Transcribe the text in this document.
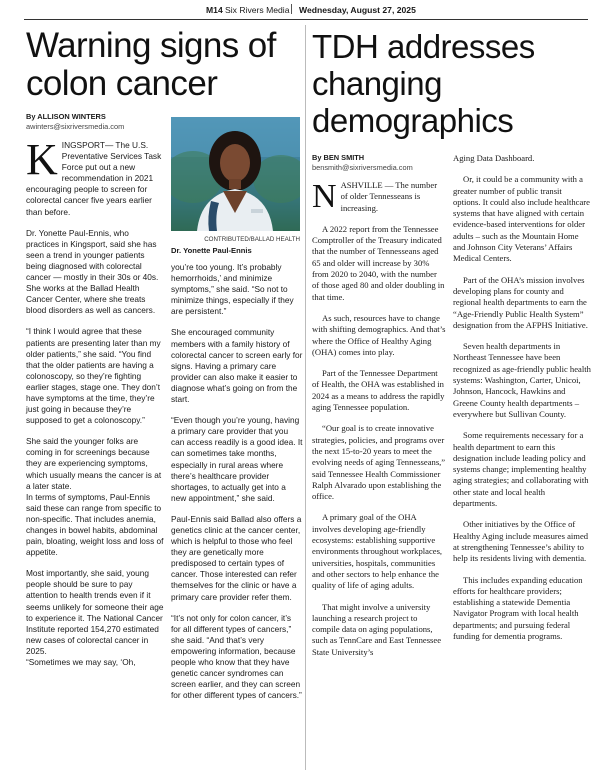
M14 Six Rivers Media Wednesday, August 27, 2025
Warning signs of colon cancer
By ALLISON WINTERS
awinters@sixriversmedia.com

KINGSPORT— The U.S. Preventative Services Task Force put out a new recommendation in 2021 encouraging people to screen for colorectal cancer five years earlier than before.

Dr. Yonette Paul-Ennis, who practices in Kingsport, said she has seen a trend in younger patients being diagnosed with colorectal cancer — mostly in their 30s or 40s. She works at the Ballad Health Cancer Center, where she treats blood disorders as well as cancers.

“I think I would agree that these patients are presenting later than my older patients,” she said. “You find that the older patients are having a colonoscopy, so they’re fighting earlier stages, stage one. They don’t have symptoms at the time, they’re just going in because they’re supposed to get a colonoscopy.”

She said the younger folks are coming in for screenings because they are experiencing symptoms, which usually means the cancer is at a later state.

In terms of symptoms, Paul-Ennis said these can range from specific to non-specific. That includes anemia, changes in bowel habits, abdominal pain, bloating, weight loss and loss of appetite.

Most importantly, she said, young people should be sure to pay attention to health trends even if it seems unlikely for someone their age to experience it. The National Cancer Institute reported 154,270 estimated new cases of colorectal cancer in 2025.

“Sometimes we may say, ‘Oh,

CONTRIBUTED/BALLAD HEALTH
Dr. Yonette Paul-Ennis

you’re too young. It’s probably hemorrhoids,’ and minimize symptoms,” she said. “So not to minimize things, especially if they are persistent.”

She encouraged community members with a family history of colorectal cancer to screen early for signs. Having a primary care provider can also make it easier to diagnose what’s going on from the start.

“Even though you’re young, having a primary care provider that you can access readily is a good idea. It can sometimes take months, especially in rural areas where there’s healthcare provider shortages, to actually get into a new appointment,” she said.

Paul-Ennis said Ballad also offers a genetics clinic at the cancer center, which is helpful to those who feel they are genetically more predisposed to certain types of cancer. Those interested can refer themselves for the clinic or have a primary care provider refer them.

“It’s not only for colon cancer, it’s for all different types of cancers,” she said. “And that’s very empowering information, because people who know that they have genetic cancer syndromes can screen earlier, and they can screen for other different types of cancers.”

TDH addresses changing demographics
By BEN SMITH
bensmith@sixriversmedia.com

NASHVILLE — The number of older Tennesseans is increasing.

A 2022 report from the Tennessee Comptroller of the Treasury indicated that the number of Tennesseans aged 65 and older will increase by 30% from 2020 to 2040, with the number of those aged 80 and older doubling in that time.

As such, resources have to change with shifting demographics. And that’s where the Office of Healthy Aging (OHA) comes into play.

Part of the Tennessee Department of Health, the OHA was established in 2024 as a means to address the rapidly aging Tennessee population.

“Our goal is to create innovative strategies, policies, and programs over the next 15-to-20 years to meet the evolving needs of aging Tennesseans,” said Tennessee Health Commissioner Ralph Alvarado upon establishing the office.

A primary goal of the OHA involves developing age-friendly ecosystems: establishing supportive environments throughout workplaces, universities, hospitals, communities and other sectors to help enhance the quality of life of aging adults.

That might involve a university launching a research project to compile data on aging populations, such as TennCare and East Tennessee State University’s

Aging Data Dashboard.

Or, it could be a community with a greater number of public transit options. It could also include healthcare systems that have aligned with certain evidence-based interventions for older adults – such as the Mountain Home and Johnson City Veterans’ Affairs Medical Centers.

Part of the OHA’s mission involves developing plans for county and regional health departments to earn the “Age-Friendly Public Health System” designation from the AFPHS Initiative.

Seven health departments in Northeast Tennessee have been recognized as age-friendly public health systems: Washington, Carter, Unicoi, Johnson, Hancock, Hawkins and Greene County health departments – everywhere but Sullivan County.

Some requirements necessary for a health department to earn this designation include leading policy and systems change; implementing healthy aging strategies; and collaborating with other state and local health departments.

Other initiatives by the Office of Healthy Aging include measures aimed at strengthening Tennessee’s ability to help its residents living with dementia.

This includes expanding education efforts for healthcare providers; establishing a statewide Dementia Navigator Program with local health departments; and pursuing federal funding for dementia programs.
